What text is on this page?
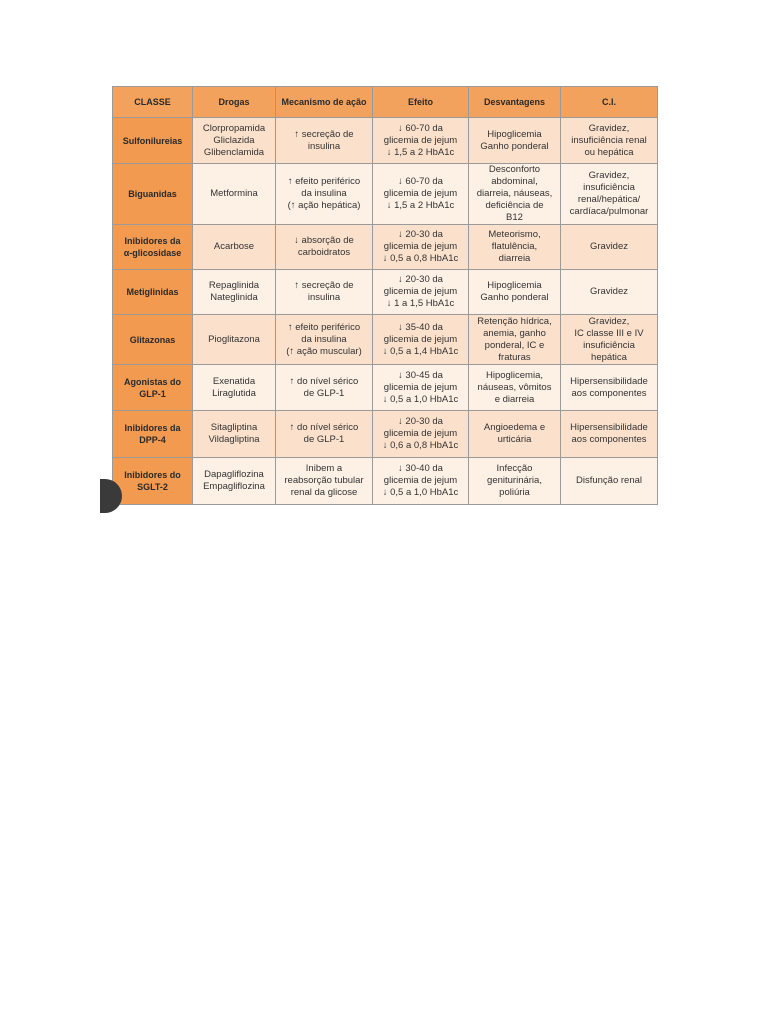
CLASSE	Drogas	Mecanismo de ação	Efeito	Desvantagens	C.I.

Sulfonilureias	Clorpropamida
Gliclazida
Glibenclamida	↑ secreção de
insulina	↓ 60-70 da
glicemia de jejum
↓ 1,5 a 2 HbA1c	Hipoglicemia
Ganho ponderal	Gravidez,
insuficiência renal
ou hepática

Biguanidas	Metformina	↑ efeito periférico
da insulina
(↑ ação hepática)	↓ 60-70 da
glicemia de jejum
↓ 1,5 a 2 HbA1c	Desconforto
abdominal,
diarreia, náuseas,
deficiência de
B12	Gravidez,
insuficiência
renal/hepática/
cardíaca/pulmonar

Inibidores da
α-glicosidase	Acarbose	↓ absorção de
carboidratos	↓ 20-30 da
glicemia de jejum
↓ 0,5 a 0,8 HbA1c	Meteorismo,
flatulência,
diarreia	Gravidez

Metiglinidas	Repaglinida
Nateglinida	↑ secreção de
insulina	↓ 20-30 da
glicemia de jejum
↓ 1 a 1,5 HbA1c	Hipoglicemia
Ganho ponderal	Gravidez

Glitazonas	Pioglitazona	↑ efeito periférico
da insulina
(↑ ação muscular)	↓ 35-40 da
glicemia de jejum
↓ 0,5 a 1,4 HbA1c	Retenção hídrica,
anemia, ganho
ponderal, IC e
fraturas	Gravidez,
IC classe III e IV
insuficiência
hepática

Agonistas do
GLP-1	Exenatida
Liraglutida	↑ do nível sérico
de GLP-1	↓ 30-45 da
glicemia de jejum
↓ 0,5 a 1,0 HbA1c	Hipoglicemia,
náuseas, vômitos
e diarreia	Hipersensibilidade
aos componentes

Inibidores da
DPP-4	Sitagliptina
Vildagliptina	↑ do nível sérico
de GLP-1	↓ 20-30 da
glicemia de jejum
↓ 0,6 a 0,8 HbA1c	Angioedema e
urticária	Hipersensibilidade
aos componentes

Inibidores do
SGLT-2	Dapagliflozina
Empagliflozina	Inibem a
reabsorção tubular
renal da glicose	↓ 30-40 da
glicemia de jejum
↓ 0,5 a 1,0 HbA1c	Infecção
geniturinária,
poliúria	Disfunção renal
